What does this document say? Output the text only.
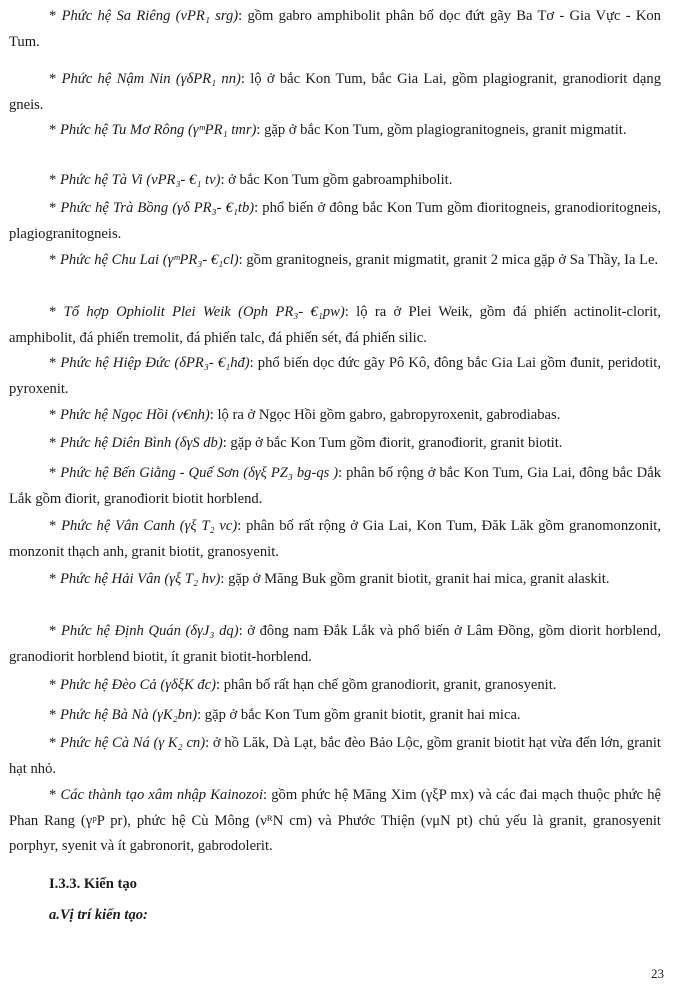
* Phức hệ Sa Riêng (νPR₁ srg): gồm gabro amphibolit phân bố dọc đứt gãy Ba Tơ - Gia Vực - Kon Tum.

* Phức hệ Nậm Nin (γδPR₁ nn): lộ ở bắc Kon Tum, bắc Gia Lai, gồm plagiogranit, granodiorit dạng gneis.

* Phức hệ Tu Mơ Rông (γᵐPR₁ tmr): gặp ở bắc Kon Tum, gồm plagiogranitogneis, granit migmatit.

* Phức hệ Tà Vi (νPR₃- €₁ tv): ở bắc Kon Tum gồm gabroamphibolit.

* Phức hệ Trà Bồng (γδ PR₃- €₁tb): phổ biến ở đông bắc Kon Tum gồm đioritogneis, granodioritogneis, plagiogranitogneis.

* Phức hệ Chu Lai (γᵐPR₃- €₁cl): gồm granitogneis, granit migmatit, granit 2 mica gặp ở Sa Thầy, Ia Le.

* Tổ hợp Ophiolit Plei Weik (Oph PR₃- €₁pw): lộ ra ở Plei Weik, gồm đá phiến actinolit-clorit, amphibolit, đá phiến tremolit, đá phiến talc, đá phiến sét, đá phiến silic.

* Phức hệ Hiệp Đức (δPR₃- €₁hđ): phổ biến dọc đức gãy Pô Kô, đông bắc Gia Lai gồm đunit, peridotit, pyroxenit.

* Phức hệ Ngọc Hồi (ν€nh): lộ ra ở Ngọc Hồi gồm gabro, gabropyroxenit, gabrodiabas.

* Phức hệ Diên Bình (δγS db): gặp ở bắc Kon Tum gồm điorit, granođiorit, granit biotit.

* Phức hệ Bến Giằng - Quế Sơn (δγξ PZ₃ bg-qs ): phân bố rộng ở bắc Kon Tum, Gia Lai, đông bắc Dắk Lắk gồm điorit, granođiorit biotit horblend.

* Phức hệ Vân Canh (γξ T₂ vc): phân bố rất rộng ở Gia Lai, Kon Tum, Đăk Lăk gồm granomonzonit, monzonit thạch anh, granit biotit, granosyenit.

* Phức hệ Hải Vân (γξ T₂ hv): gặp ở Măng Buk gồm granit biotit, granit hai mica, granit alaskit.

* Phức hệ Định Quán (δγJ₃ dq): ở đông nam Đắk Lắk và phổ biến ở Lâm Đồng, gồm diorit horblend, granodiorit horblend biotit, ít granit biotit-horblend.

* Phức hệ Đèo Cả (γδξK đc): phân bố rất hạn chế gồm granodiorit, granit, granosyenit.

* Phức hệ Bà Nà (γK₂bn): gặp ở bắc Kon Tum gồm granit biotit, granit hai mica.

* Phức hệ Cà Ná (γ K₂ cn): ở hồ Lăk, Dà Lạt, bắc đèo Bảo Lộc, gồm granit biotit hạt vừa đến lớn, granit hạt nhỏ.

* Các thành tạo xâm nhập Kainozoi: gồm phức hệ Măng Xim (γξP mx) và các đai mạch thuộc phức hệ Phan Rang (γᵖP pr), phức hệ Cù Mông (νᴿN cm) và Phước Thiện (νμN pt) chủ yếu là granit, granosyenit porphyr, syenit và ít gabronorit, gabrodolerit.

I.3.3. Kiến tạo

a.Vị trí kiến tạo:

23
